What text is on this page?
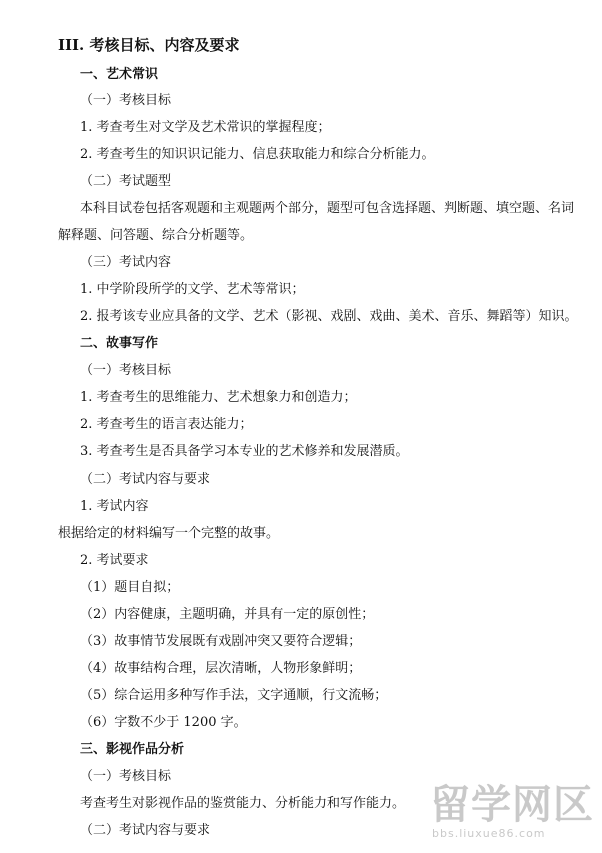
III. 考核目标、内容及要求
一、艺术常识
（一）考核目标
1. 考查考生对文学及艺术常识的掌握程度；
2. 考查考生的知识识记能力、信息获取能力和综合分析能力。
（二）考试题型
本科目试卷包括客观题和主观题两个部分，题型可包含选择题、判断题、填空题、名词
解释题、问答题、综合分析题等。
（三）考试内容
1. 中学阶段所学的文学、艺术等常识；
2. 报考该专业应具备的文学、艺术（影视、戏剧、戏曲、美术、音乐、舞蹈等）知识。
二、故事写作
（一）考核目标
1. 考查考生的思维能力、艺术想象力和创造力；
2. 考查考生的语言表达能力；
3. 考查考生是否具备学习本专业的艺术修养和发展潜质。
（二）考试内容与要求
1. 考试内容
根据给定的材料编写一个完整的故事。
2. 考试要求
（1）题目自拟；
（2）内容健康，主题明确，并具有一定的原创性；
（3）故事情节发展既有戏剧冲突又要符合逻辑；
（4）故事结构合理，层次清晰，人物形象鲜明；
（5）综合运用多种写作手法，文字通顺，行文流畅；
（6）字数不少于 1200 字。
三、影视作品分析
（一）考核目标
考查考生对影视作品的鉴赏能力、分析能力和写作能力。
（二）考试内容与要求
留学网区
bbs.liuxue86.com
